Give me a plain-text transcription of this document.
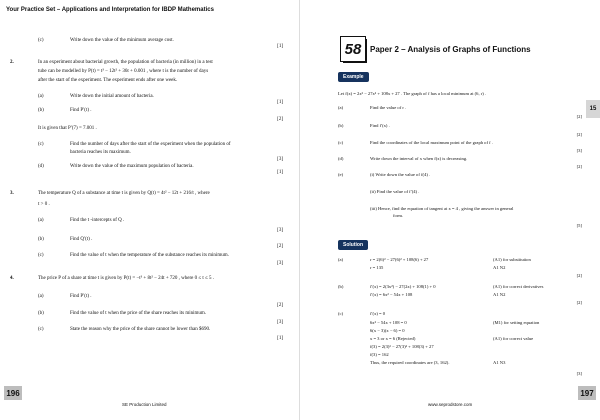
Your Practice Set – Applications and Interpretation for IBDP Mathematics
(c)	Write down the value of the minimum average cost.
[1]
2.	In an experiment about bacterial growth, the population of bacteria (in million) in a test
tube can be modelled by P(t) = t³ − 12t² + 36t + 0.001 , where t is the number of days
after the start of the experiment. The experiment ends after one week.
(a)	Write down the initial amount of bacteria.
[1]
(b)	Find P′(t) .
[2]
It is given that P′(7) = 7.001 .
(c)	Find the number of days after the start of the experiment when the population of
bacteria reaches its maximum.
[3]
(d)	Write down the value of the maximum population of bacteria.
[1]
3.	The temperature Q of a substance at time t is given by Q(t) = 4t² − 12t + 216/t , where
t > 0 .
(a)	Find the t -intercepts of Q .
[3]
(b)	Find Q′(t) .
[2]
(c)	Find the value of t when the temperature of the substance reaches its minimum.
[3]
4.	The price P of a share at time t is given by P(t) = −t³ + 8t² − 24t + 720 , where 0 ≤ t ≤ 5 .
(a)	Find P′(t) .
[2]
(b)	Find the value of t when the price of the share reaches its minimum.
[3]
(c)	State the reason why the price of the share cannot be lower than $690.
[1]
196
SE Production Limited
15
197
www.seprodstore.com
58	Paper 2 – Analysis of Graphs of Functions
Example
Let f(x) = 2x³ − 27x² + 108x + 27 . The graph of f has a local minimum at (6, r) .
(a)	Find the value of r .
[2]
(b)	Find f′(x) .
[2]
(c)	Find the coordinates of the local maximum point of the graph of f .
[3]
(d)	Write down the interval of x when f(x) is decreasing.
[2]
(e)	(i) Write down the value of f(4) .
(ii) Find the value of f′(4) .
(iii) Hence, find the equation of tangent at x = 4 , giving the answer in general
form.
[5]
Solution
(a)	r = 2(6)³ − 27(6)² + 108(6) + 27	(A1) for substitution
r = 135	A1 N2
[2]
(b)	f′(x) = 2(3x²) − 27(2x) + 108(1) + 0	(A1) for correct derivatives
f′(x) = 6x² − 54x + 108	A1 N2
[2]
(c)	f′(x) = 0
6x² − 54x + 108 = 0	(M1) for setting equation
6(x − 3)(x − 6) = 0
x = 3 or x = 6 (Rejected)	(A1) for correct value
f(3) = 2(3)³ − 27(3)² + 108(3) + 27
f(3) = 162
Thus, the required coordinates are (3, 162).	A1 N3
[3]
